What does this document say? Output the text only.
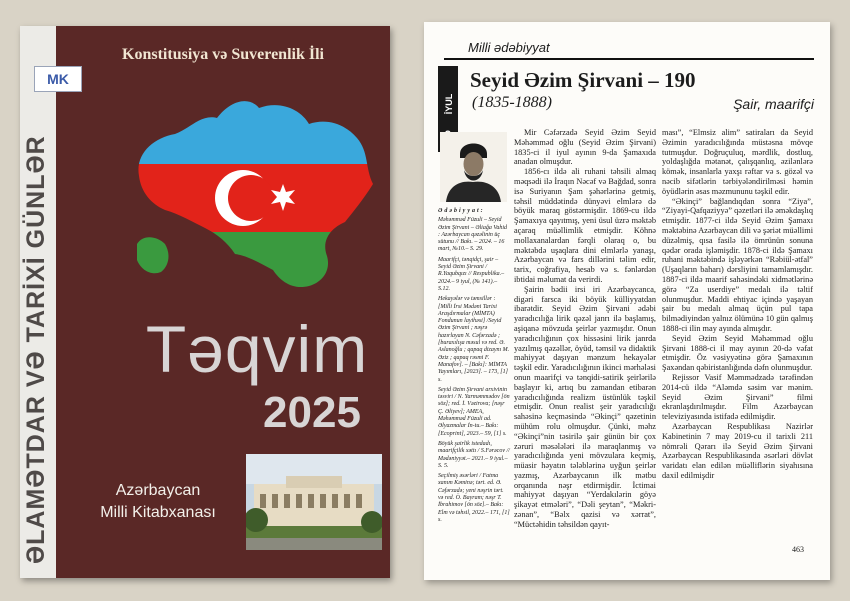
ƏLAMƏTDAR VƏ TARİXİ GÜNLƏR
Konstitusiya və Suverenlik İli
Təqvim
2025
Azərbaycan
Milli Kitabxanası
MK
Milli ədəbiyyat
İYUL
Seyid Əzim Şirvani – 190
(1835-1888)	Şair, maarifçi
Ədəbiyyat:

Məhəmməd Füzuli – Seyid Əzim Şirvani – Əliağa Vahid : Azərbaycan qəzəlinin üç sütunu // Bakı. – 2024. – 16 mart, №10.– S. 29.

Maarifçi, tənqidçi, şair – Seyid Əzim Şirvani / R.Yaqubqızı // Respublika.– 2024.– 9 iyul, (№ 141).– S.12.

Hekayələr və təmsillər : [Milli İrsi Mədəni Tarixi Araşdırmalar (MİMTA) Fondunun layihəsi] /Seyid Əzim Şirvani ; nəşrə hazırlayan N. Cəfərzadə ; [buraxılışa məsul və red. Ə. Aslanoğlu ; qapaq dizaynı M. Əziz ; qapaq rəsmi F. Manafov]. – [Bakı]: MİMTA Yayımları, [2023]. – 173, [1] s.

Seyid Əzim Şirvani arxivinin təsviri / N. Yarməmmədov [ön söz]; red. İ. Vəzirova; [nəşr Ç. Əliyev]; AMEA, Məhəmməd Füzuli ad. Əlyazmalar İn-tu.– Bakı: [Ecoprint], 2023.– 59, [1] s.

Böyük şairlik istedadı, maarifçilik xəttı / S.Fərəcov // Mədəniyyət.– 2021.– 9 iyul.– S. 5.

Seçilmiş əsərləri / Fatma xanım Kəminə; tərt. ed. Ə. Cəfərzadə; yeni nəşrin tərt. və red. Ö. Bayram; nəşr T. İbrahimov [ön söz].– Bakı: Elm və təhsil, 2022.– 171, [1] s.

Mir Cəfərzadə Seyid Əzim Seyid Məhəmməd oğlu (Seyid Əzim Şirvani) 1835-ci il iyul ayının 9-da Şamaxıda anadan olmuşdur.

1856-cı ildə ali ruhani təhsili almaq məqsədi ilə İraqın Nəcəf və Bağdad, sonra isə Suriyanın Şam şəhərlərinə getmiş, təhsil müddətində dünyəvi elmlərə də böyük maraq göstərmişdir. 1869-cu ildə Şamaxıya qayıtmış, yeni üsul üzrə məktəb açaraq müəllimlik etmişdir. Köhnə mollaxanalardan fərqli olaraq o, bu məktəbdə uşaqlara dini elmlərlə yanaşı, Azərbaycan və fars dillərini təlim edir, tarix, coğrafiya, hesab və s. fənlərdən ibtidai məlumat da verirdi.

Şairin bədii irsi iri Azərbaycanca, digəri farsca iki böyük külliyyatdan ibarətdir. Seyid Əzim Şirvani ədəbi yaradıcılığa lirik qəzəl janrı ilə başlamış, aşiqanə mövzuda şeirlər yazmışdır. Onun yaradıcılığının çox hissəsini lirik janrda yazılmış qəzəllər, öyüd, təmsil və didaktik mahiyyət daşıyan mənzum hekayələr təşkil edir. Yaradıcılığının ikinci mərhələsi onun maarifçi və tənqidi-satirik şeirlərilə başlayır ki, artıq bu zamandan etibarən yaradıcılığında realizm üstünlük təşkil etmişdir. Onun realist şeir yaradıcılığı sahəsinə keçməsində “Əkinçi” qəzetinin mühüm rolu olmuşdur. Çünki, məhz “Əkinçi”nin təsirilə şair günün bir çox zəruri məsələləri ilə maraqlanmış və yaradıcılığında yeni mövzulara keçmiş, müasir həyatın tələblərinə uyğun şeirlər yazmış, Azərbaycanın ilk mətbu orqanında nəşr etdirmişdir. İctimai mahiyyət daşıyan “Yerdakılərin göyə şikayət etmələri”, “Dəli şeytan”, “Məkri-zənan”, “Bəlx qazisi və xərrat”, “Müctəhidin təhsildən qayıt-

ması”, “Elmsiz alim” satiraları da Seyid Əzimin yaradıcılığında müstəsna mövqe tutmuşdur. Doğruçuluq, mərdlik, dostluq, yoldaşlığda mətanət, çalışqanlıq, əzilənlərə kömək, insanlarla yaxşı rəftar və s. gözəl və nəcib sifətlərin tərbiyələndirilməsi həmin öyüdlərin əsas məzmununu təşkil edir.

“Əkinçi” bağlandıqdan sonra “Ziya”, “Ziyayi-Qafqaziyyə” qəzetləri ilə əməkdaşlıq etmişdir. 1877-ci ildə Seyid Əzim Şamaxı məktəbinə Azərbaycan dili və şəriət müəllimi düzəlmiş, qısa fasilə ilə ömrünün sonuna qədər orada işləmişdir. 1878-ci ildə Şamaxı ruhani məktəbində işləyərkən “Rəbiül-ətfal” (Uşaqların baharı) dərsliyini tamamlamışdır. 1887-ci ildə maarif sahəsindəki xidmətlərinə görə “Za userdiye” medalı ilə təltif olunmuşdur. Maddi ehtiyac içində yaşayan şair bu medalı almaq üçün pul tapa bilmədiyindən yalnız ölümünə 10 gün qalmış 1888-ci ilin may ayında almışdır.

Seyid Əzim Seyid Məhəmməd oğlu Şirvani 1888-ci il may ayının 20-də vəfat etmişdir. Öz vəsiyyətinə görə Şamaxının Şaxəndan qəbiristanlığında dəfn olunmuşdur.

Rejissor Vasif Məmmədzadə tərəfindən 2014-cü ildə “Aləmdə səsim var mənim. Seyid Əzim Şirvani” filmi ekranlaşdırılmışdır. Film Azərbaycan televiziyasında istifadə edilmişdir.

Azərbaycan Respublikası Nazirlər Kabinetinin 7 may 2019-cu il tarixli 211 nömrəli Qərarı ilə Seyid Əzim Şirvani Azərbaycan Respublikasında əsərləri dövlət varidatı elan edilən müəlliflərin siyahısına daxil edilmişdir

463
